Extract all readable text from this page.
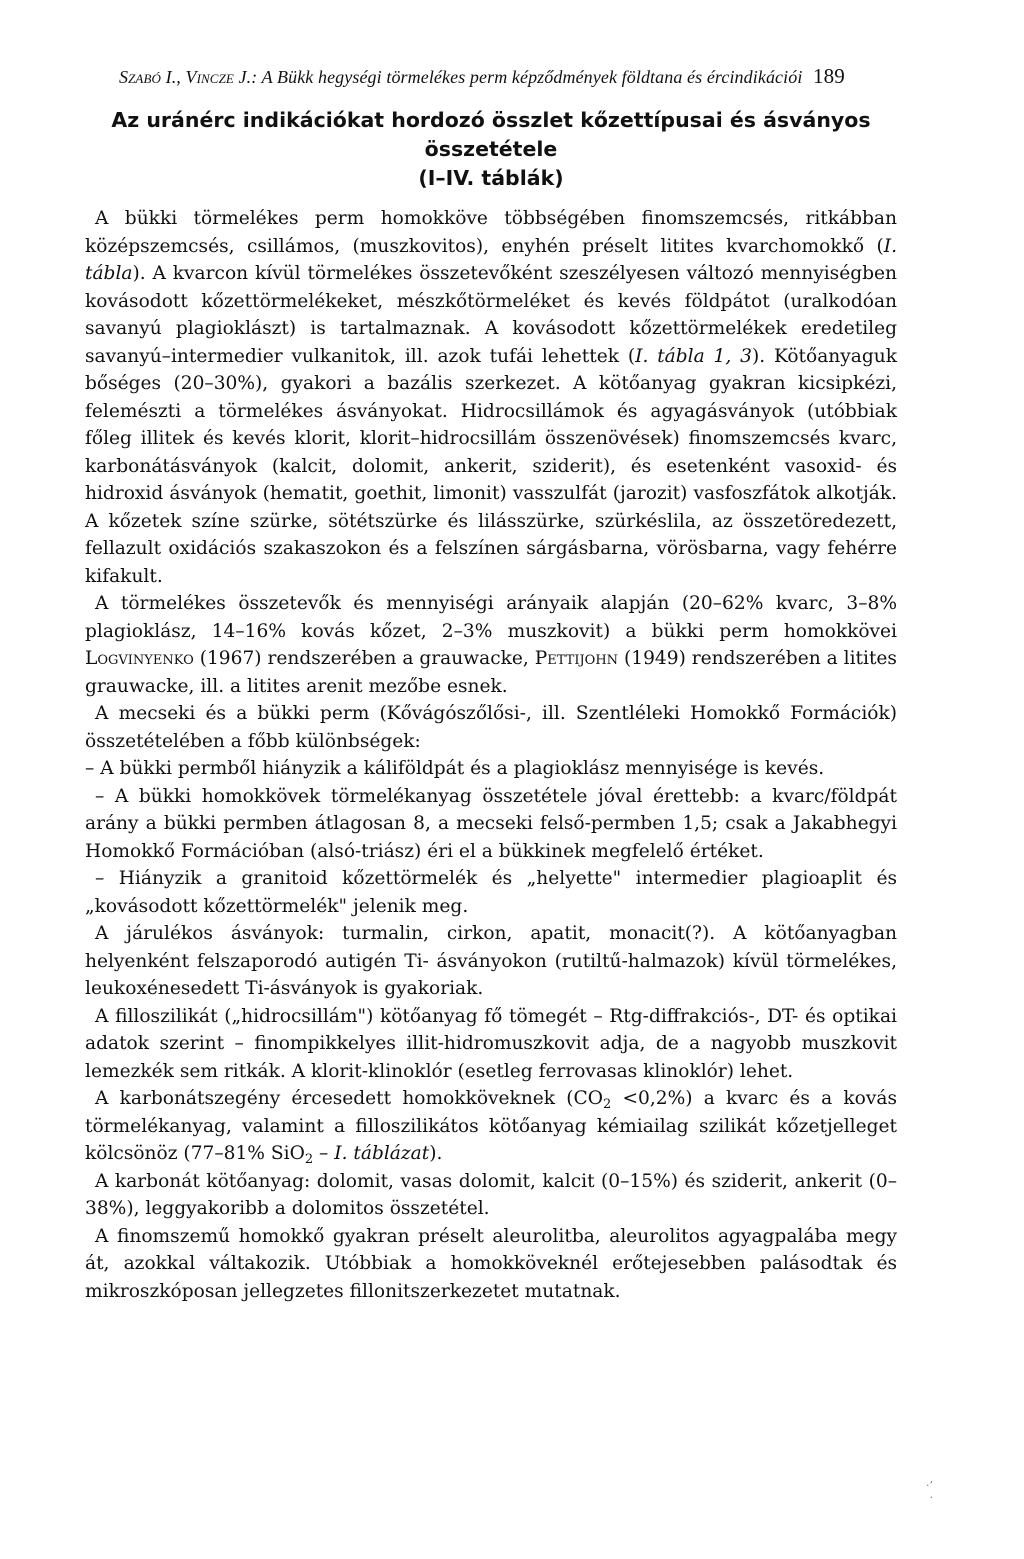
Szabó I., Vincze J.: A Bükk hegységi törmelékes perm képződmények földtana és ércindikációi 189
Az uránérc indikációkat hordozó összlet kőzettípusai és ásványos összetétele
(I–IV. táblák)

A bükki törmelékes perm homokköve többségében finomszemcsés, ritkábban középszemcsés, csillámos, (muszkovitos), enyhén préselt litites kvarchomokkő (I. tábla). A kvarcon kívül törmelékes összetevőként szeszélyesen változó mennyiségben kovásodott kőzettörmelékeket, mészkőtörmeléket és kevés földpátot (uralkodóan savanyú plagioklászt) is tartalmaznak. A kovásodott kőzettörmelékek eredetileg savanyú–intermedier vulkanitok, ill. azok tufái lehettek (I. tábla 1, 3). Kötőanyaguk bőséges (20–30%), gyakori a bazális szerkezet. A kötőanyag gyakran kicsipkézi, felemészti a törmelékes ásványokat. Hidrocsillámok és agyagásványok (utóbbiak főleg illitek és kevés klorit, klorit–hidrocsillám összenövések) finomszemcsés kvarc, karbonátásványok (kalcit, dolomit, ankerit, sziderit), és esetenként vasoxid- és hidroxid ásványok (hematit, goethit, limonit) vasszulfát (jarozit) vasfoszfátok alkotják. A kőzetek színe szürke, sötétszürke és lilásszürke, szürkéslila, az összetöredezett, fellazult oxidációs szakaszokon és a felszínen sárgásbarna, vörösbarna, vagy fehérre kifakult.

A törmelékes összetevők és mennyiségi arányaik alapján (20–62% kvarc, 3–8% plagioklász, 14–16% kovás kőzet, 2–3% muszkovit) a bükki perm homokkövei Logvinyenko (1967) rendszerében a grauwacke, Pettijohn (1949) rendszerében a litites grauwacke, ill. a litites arenit mezőbe esnek.

A mecseki és a bükki perm (Kővágószőlősi-, ill. Szentléleki Homokkő Formációk) összetételében a főbb különbségek:

– A bükki permből hiányzik a káliföldpát és a plagioklász mennyisége is kevés.

– A bükki homokkövek törmelékanyag összetétele jóval érettebb: a kvarc/földpát arány a bükki permben átlagosan 8, a mecseki felső-permben 1,5; csak a Jakabhegyi Homokkő Formációban (alsó-triász) éri el a bükkinek megfelelő értéket.

– Hiányzik a granitoid kőzettörmelék és „helyette" intermedier plagioaplit és „kovásodott kőzettörmelék" jelenik meg.

A járulékos ásványok: turmalin, cirkon, apatit, monacit(?). A kötőanyagban helyenként felszaporodó autigén Ti- ásványokon (rutiltű-halmazok) kívül törmelékes, leukoxénesedett Ti-ásványok is gyakoriak.

A filloszilikát („hidrocsillám") kötőanyag fő tömegét – Rtg-diffrakciós-, DT- és optikai adatok szerint – finompikkelyes illit-hidromuszkovit adja, de a nagyobb muszkovit lemezkék sem ritkák. A klorit-klinoklór (esetleg ferrovasas klinoklór) lehet.

A karbonátszegény ércesedett homokköveknek $(CO_2 <0,2\%)$ a kvarc és a kovás törmelékanyag, valamint a filloszilikátos kötőanyag kémiailag szilikát kőzetjelleget kölcsönöz (77–81% SiO$_2$ – I. táblázat).

A karbonát kötőanyag: dolomit, vasas dolomit, kalcit (0–15%) és sziderit, ankerit (0–38%), leggyakoribb a dolomitos összetétel.

A finomszemű homokkő gyakran préselt aleurolitba, aleurolitos agyagpalába megy át, azokkal váltakozik. Utóbbiak a homokköveknél erőtejesebben palásodtak és mikroszkóposan jellegzetes fillonitszerkezetet mutatnak.

·’
·
